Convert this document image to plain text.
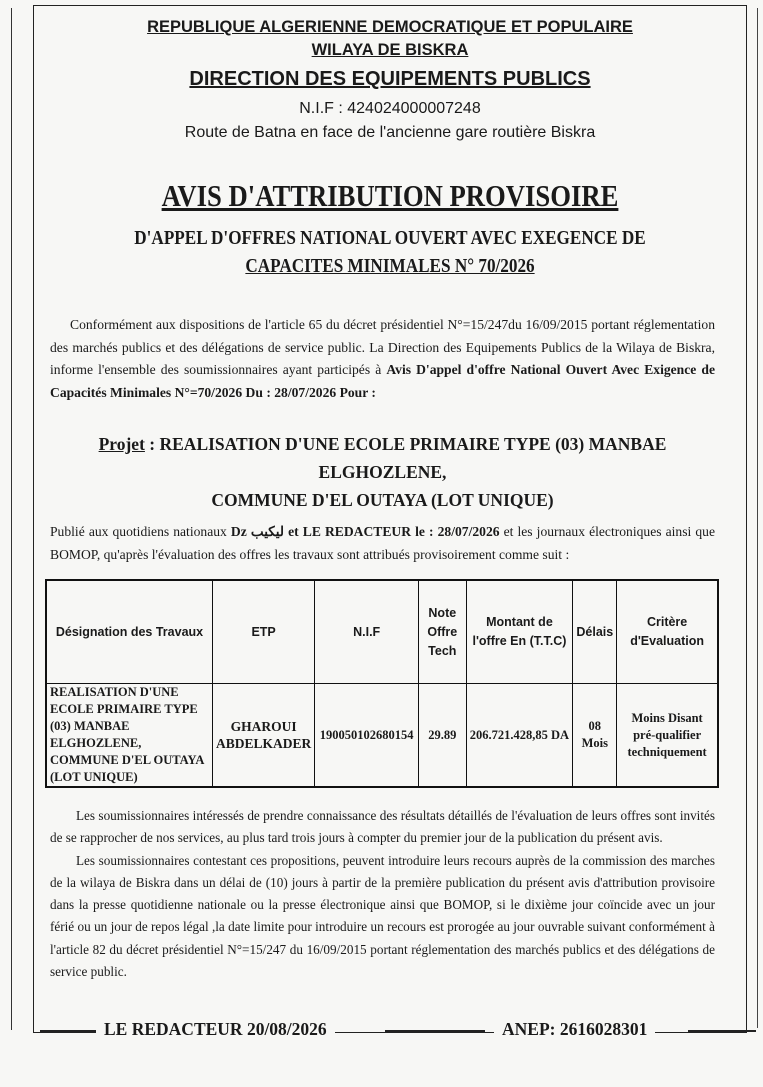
REPUBLIQUE ALGERIENNE DEMOCRATIQUE ET POPULAIRE
WILAYA DE BISKRA
DIRECTION DES EQUIPEMENTS PUBLICS
N.I.F : 424024000007248
Route de Batna en face de l'ancienne gare routière Biskra
AVIS D'ATTRIBUTION PROVISOIRE
D'APPEL D'OFFRES NATIONAL OUVERT AVEC EXEGENCE DE
CAPACITES MINIMALES N° 70/2026
Conformément aux dispositions de l'article 65 du décret présidentiel N°=15/247du 16/09/2015 portant réglementation des marchés publics et des délégations de service public. La Direction des Equipements Publics de la Wilaya de Biskra, informe l'ensemble des soumissionnaires ayant participés à Avis D'appel d'offre National Ouvert Avec Exigence de Capacités Minimales N°=70/2026 Du : 28/07/2026 Pour :
Projet : REALISATION D'UNE ECOLE PRIMAIRE TYPE (03) MANBAE ELGHOZLENE,
COMMUNE D'EL OUTAYA (LOT UNIQUE)
Publié aux quotidiens nationaux Dz ليكيب et LE REDACTEUR le : 28/07/2026 et les journaux électroniques ainsi que BOMOP, qu'après l'évaluation des offres les travaux sont attribués provisoirement comme suit :
Désignation des Travaux	ETP	N.I.F	Note Offre Tech	Montant de l'offre En (T.T.C)	Délais	Critère d'Evaluation
REALISATION D'UNE ECOLE PRIMAIRE TYPE (03) MANBAE ELGHOZLENE, COMMUNE D'EL OUTAYA (LOT UNIQUE)	GHAROUI ABDELKADER	190050102680154	29.89	206.721.428,85 DA	08 Mois	Moins Disant pré-qualifier techniquement

Les soumissionnaires intéressés de prendre connaissance des résultats détaillés de l'évaluation de leurs offres sont invités de se rapprocher de nos services, au plus tard trois jours à compter du premier jour de la publication du présent avis.

Les soumissionnaires contestant ces propositions, peuvent introduire leurs recours auprès de la commission des marches de la wilaya de Biskra dans un délai de (10) jours à partir de la première publication du présent avis d'attribution provisoire dans la presse quotidienne nationale ou la presse électronique ainsi que BOMOP, si le dixième jour coïncide avec un jour férié ou un jour de repos légal ,la date limite pour introduire un recours est prorogée au jour ouvrable suivant conformément à l'article 82 du décret présidentiel N°=15/247 du 16/09/2015 portant réglementation des marchés publics et des délégations de service public.

LE REDACTEUR 20/08/2026	ANEP: 2616028301
